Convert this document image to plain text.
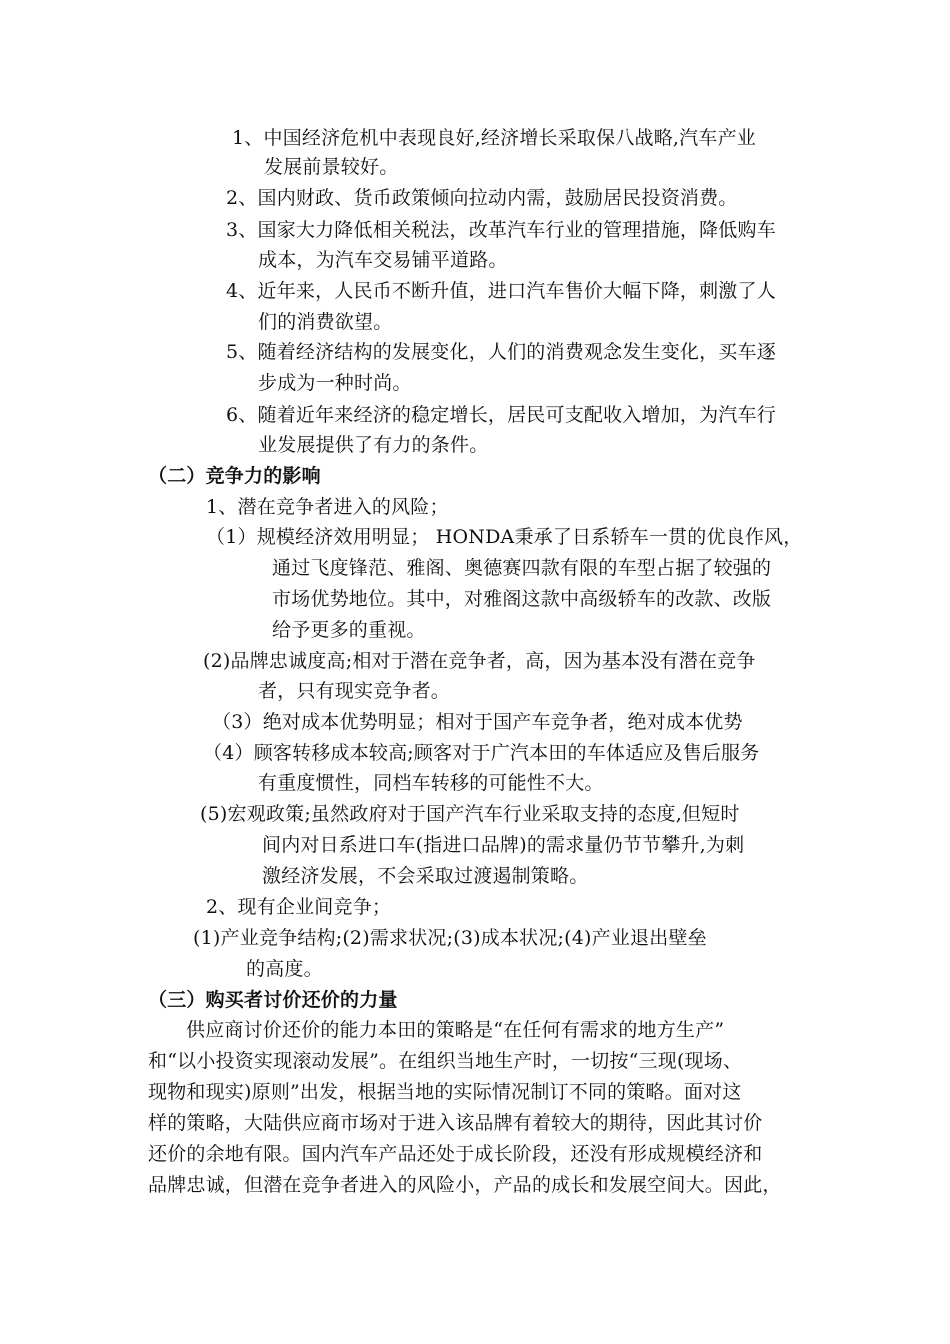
1、中国经济危机中表现良好,经济增长采取保八战略,汽车产业
发展前景较好。
2、国内财政、货币政策倾向拉动内需，鼓励居民投资消费。
3、国家大力降低相关税法，改革汽车行业的管理措施，降低购车
成本，为汽车交易铺平道路。
4、近年来，人民币不断升值，进口汽车售价大幅下降，刺激了人
们的消费欲望。
5、随着经济结构的发展变化，人们的消费观念发生变化，买车逐
步成为一种时尚。
6、随着近年来经济的稳定增长，居民可支配收入增加，为汽车行
业发展提供了有力的条件。
（二）竞争力的影响
1、潜在竞争者进入的风险；
（1）规模经济效用明显； HONDA秉承了日系轿车一贯的优良作风，
通过飞度锋范、雅阁、奥德赛四款有限的车型占据了较强的
市场优势地位。其中，对雅阁这款中高级轿车的改款、改版
给予更多的重视。
(2)品牌忠诚度高;相对于潜在竞争者，高，因为基本没有潜在竞争
者，只有现实竞争者。
（3）绝对成本优势明显；相对于国产车竞争者，绝对成本优势
（4）顾客转移成本较高;顾客对于广汽本田的车体适应及售后服务
有重度惯性，同档车转移的可能性不大。
(5)宏观政策;虽然政府对于国产汽车行业采取支持的态度,但短时
间内对日系进口车(指进口品牌)的需求量仍节节攀升,为刺
激经济发展，不会采取过渡遏制策略。
2、现有企业间竞争；
(1)产业竞争结构;(2)需求状况;(3)成本状况;(4)产业退出壁垒
的高度。
（三）购买者讨价还价的力量
供应商讨价还价的能力本田的策略是“在任何有需求的地方生产”
和“以小投资实现滚动发展”。在组织当地生产时，一切按“三现(现场、
现物和现实)原则”出发，根据当地的实际情况制订不同的策略。面对这
样的策略，大陆供应商市场对于进入该品牌有着较大的期待，因此其讨价
还价的余地有限。国内汽车产品还处于成长阶段，还没有形成规模经济和
品牌忠诚，但潜在竞争者进入的风险小，产品的成长和发展空间大。因此，
